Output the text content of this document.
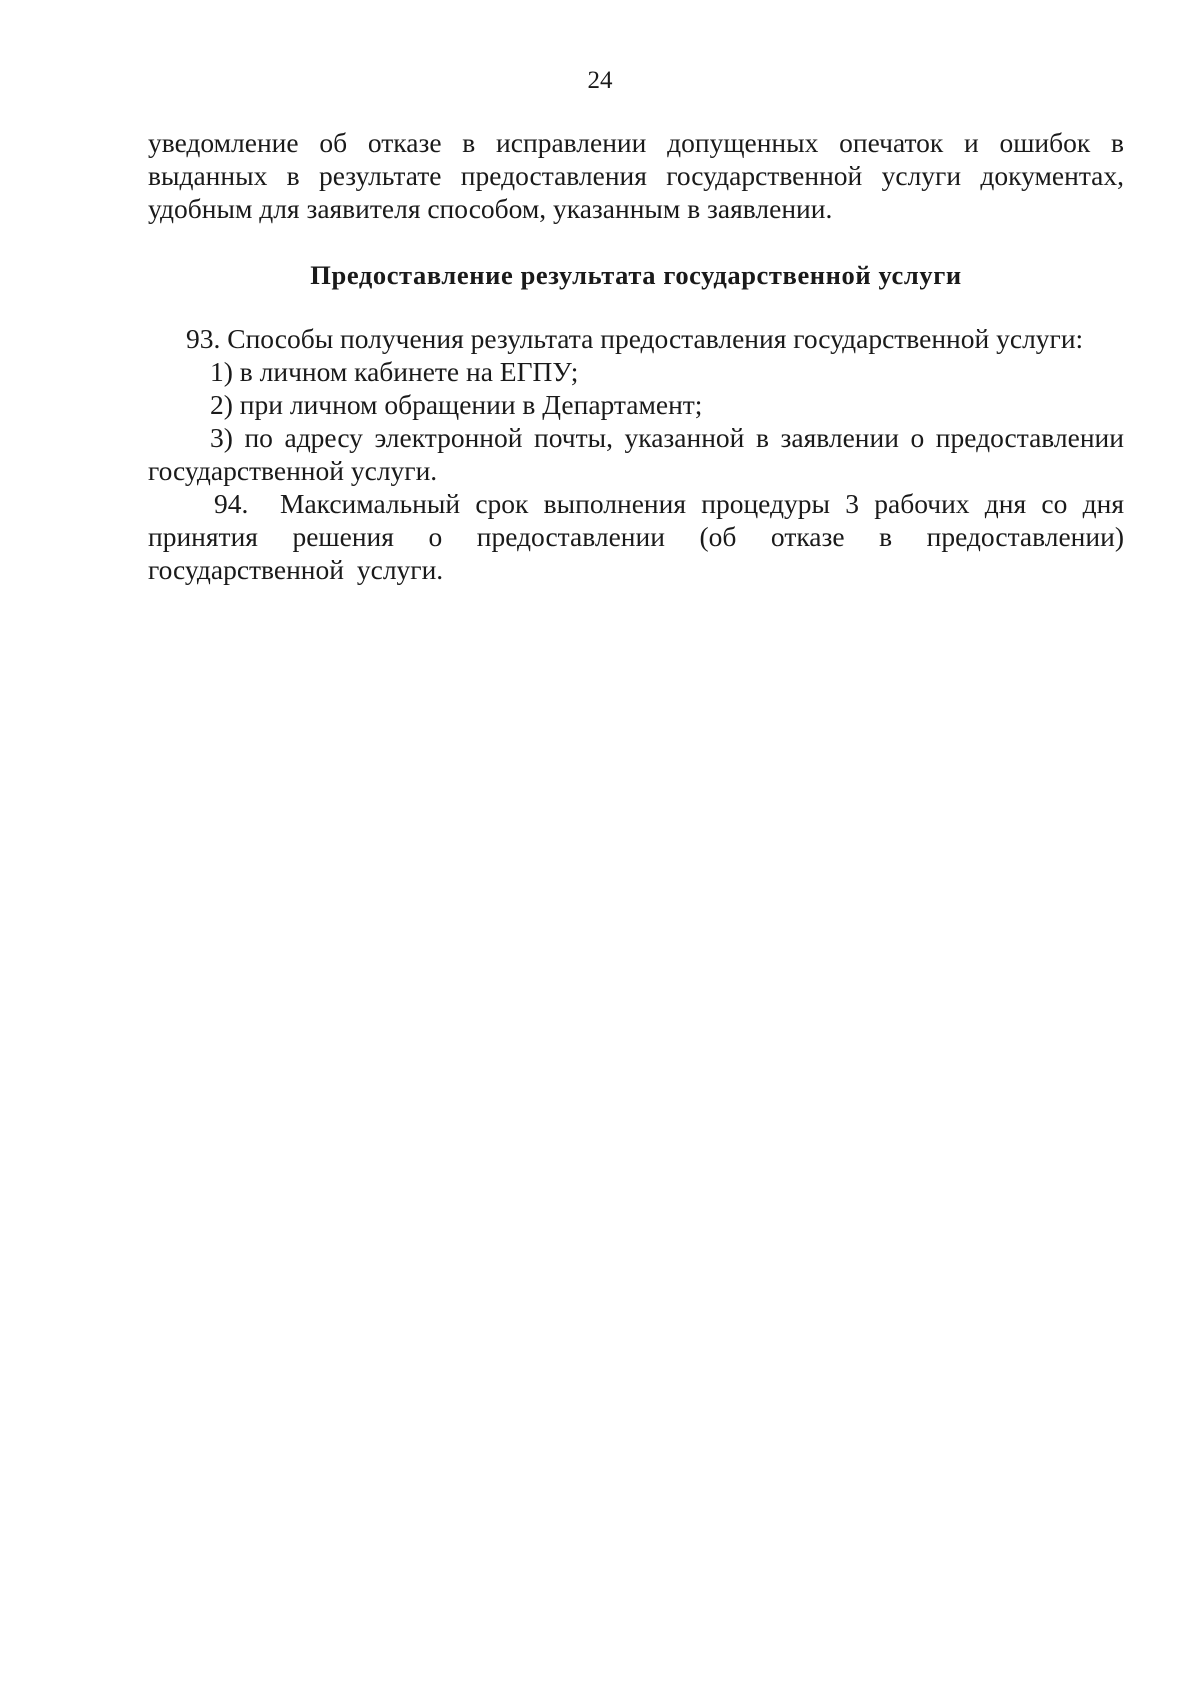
24

уведомление об отказе в исправлении допущенных опечаток и ошибок в выданных в результате предоставления государственной услуги документах, удобным для заявителя способом, указанным в заявлении.

Предоставление результата государственной услуги

93. Способы получения результата предоставления государственной услуги:

1) в личном кабинете на ЕГПУ;

2) при личном обращении в Департамент;

3) по адресу электронной почты, указанной в заявлении о предоставлении государственной услуги.

94. Максимальный срок выполнения процедуры 3 рабочих дня со дня принятия решения о предоставлении (об отказе в предоставлении) государственной услуги.
